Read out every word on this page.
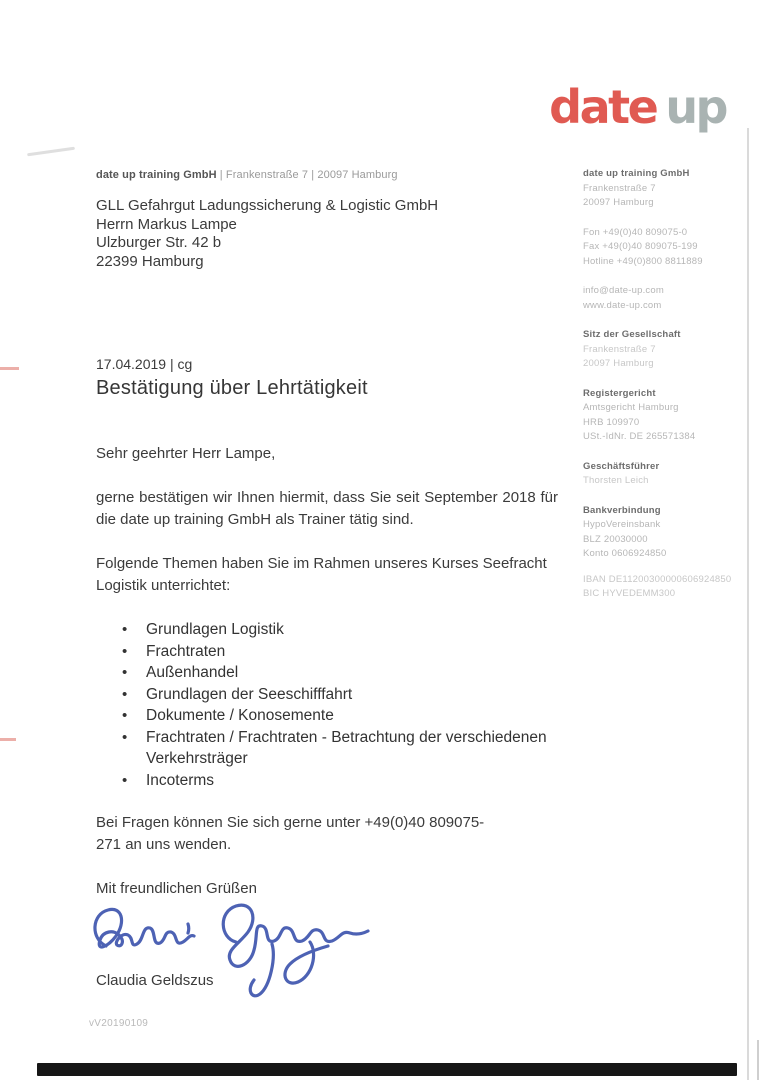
date up
date up training GmbH | Frankenstraße 7 | 20097 Hamburg
GLL Gefahrgut Ladungssicherung & Logistic GmbH
Herrn Markus Lampe
Ulzburger Str. 42 b
22399 Hamburg
17.04.2019 | cg
Bestätigung über Lehrtätigkeit

Sehr geehrter Herr Lampe,

gerne bestätigen wir Ihnen hiermit, dass Sie seit September 2018 für die date up training GmbH als Trainer tätig sind.

Folgende Themen haben Sie im Rahmen unseres Kurses Seefracht Logistik unterrichtet:

• Grundlagen Logistik
• Frachtraten
• Außenhandel
• Grundlagen der Seeschifffahrt
• Dokumente / Konosemente
• Frachtraten / Frachtraten - Betrachtung der verschiedenen Verkehrsträger
• Incoterms

Bei Fragen können Sie sich gerne unter +49(0)40 809075-271 an uns wenden.

Mit freundlichen Grüßen

Claudia Geldszus
date up training GmbH
Frankenstraße 7
20097 Hamburg
Fon +49(0)40 809075-0
Fax +49(0)40 809075-199
Hotline +49(0)800 8811889
info@date-up.com
www.date-up.com
Sitz der Gesellschaft
Frankenstraße 7
20097 Hamburg
Registergericht
Amtsgericht Hamburg
HRB 109970
USt.-IdNr. DE 265571384
Geschäftsführer
Thorsten Leich
Bankverbindung
HypoVereinsbank
BLZ 20030000
Konto 0606924850
IBAN DE11200300000606924850
BIC HYVEDEMM300
vV20190109
